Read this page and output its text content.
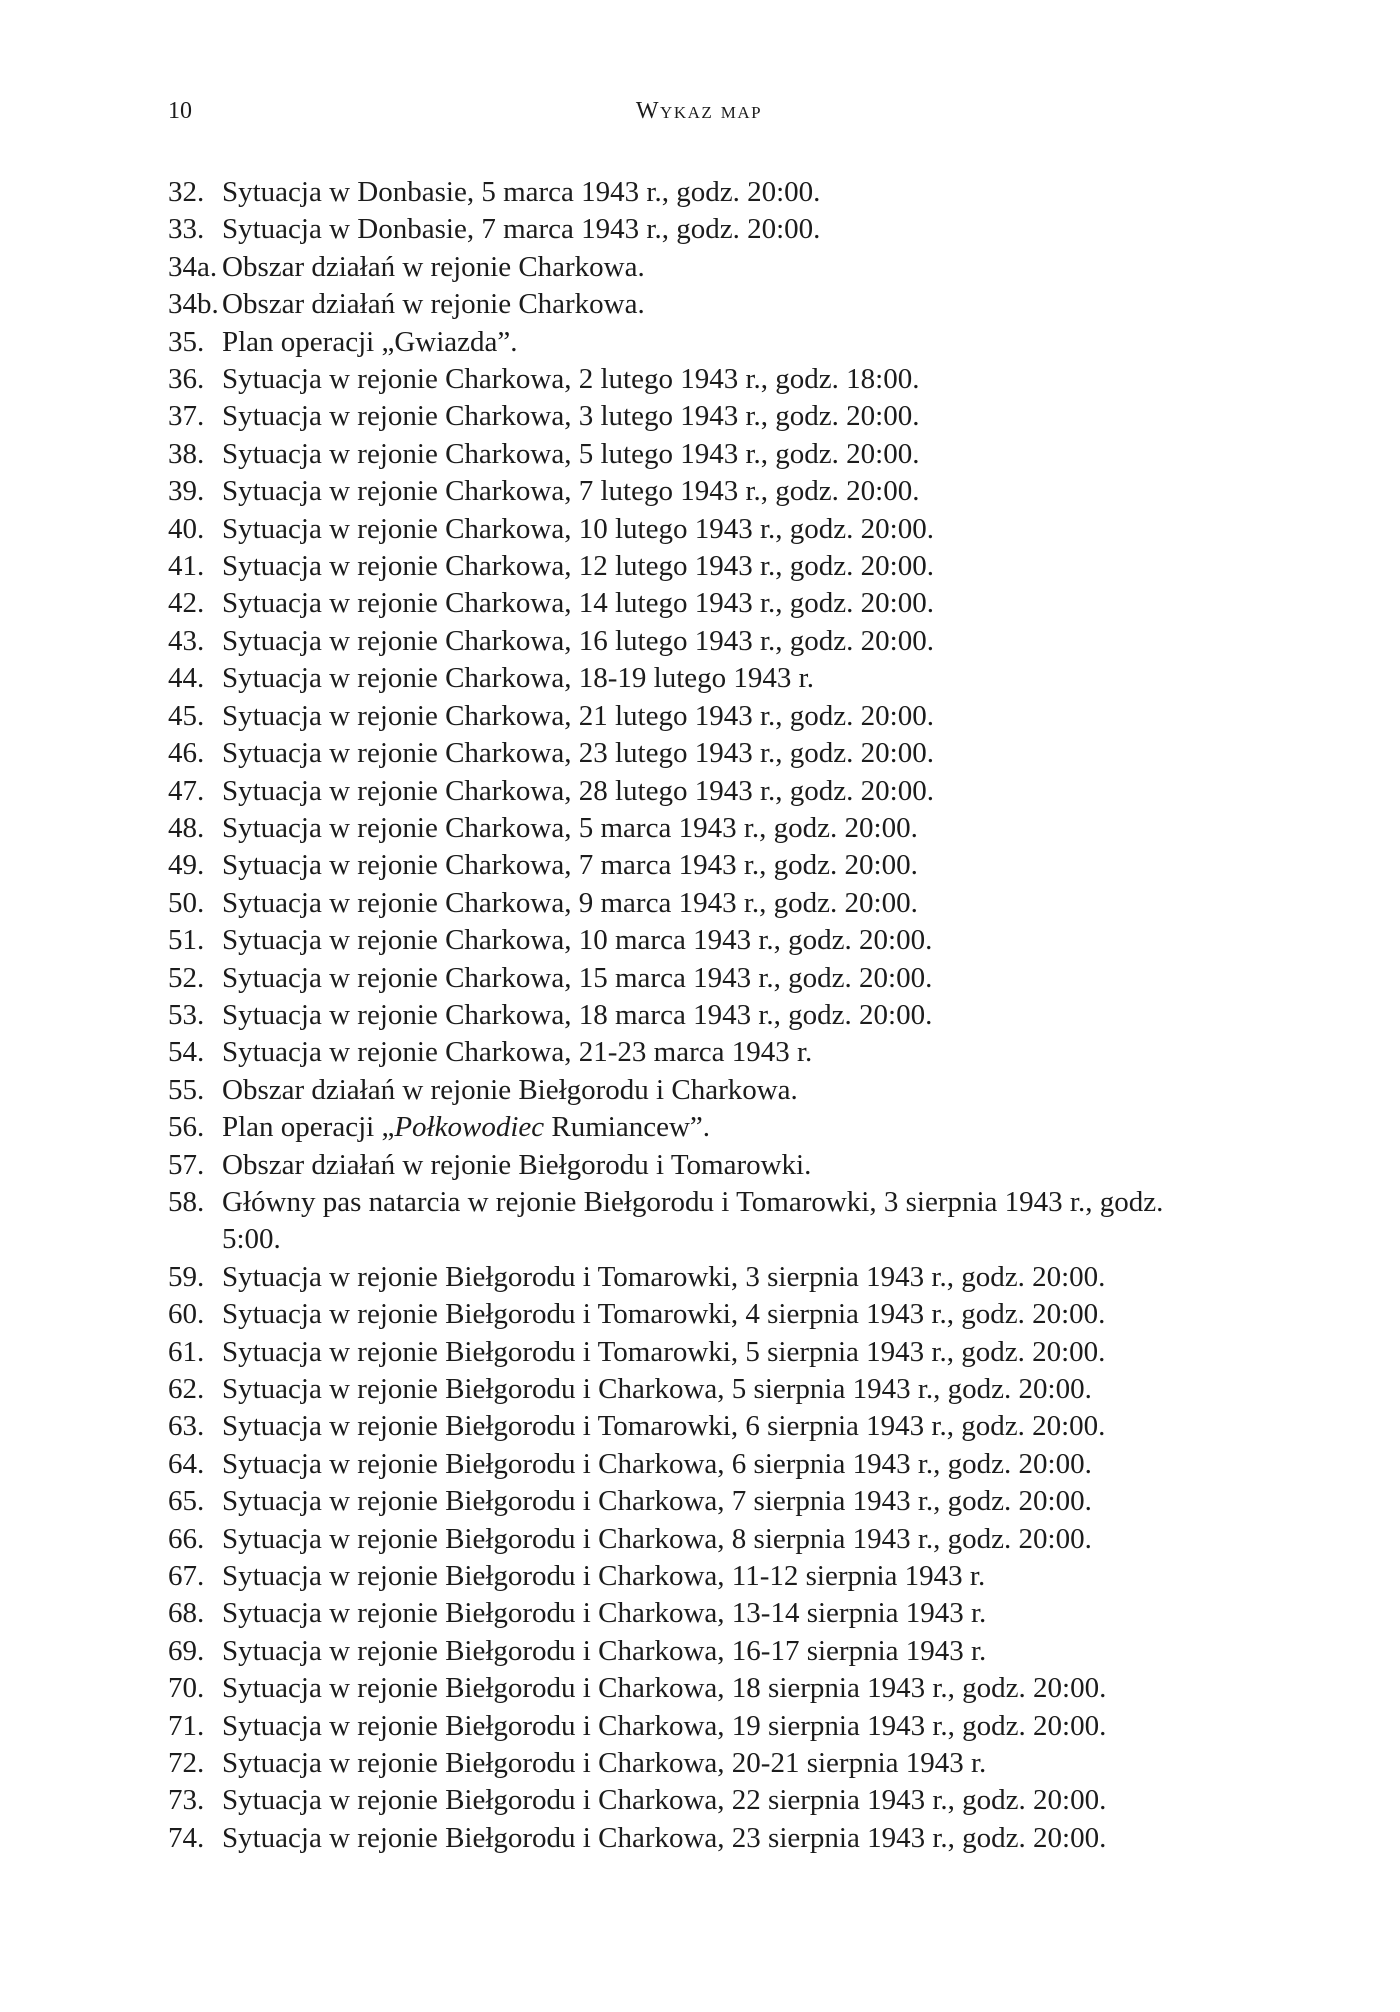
10	Wykaz map
32. Sytuacja w Donbasie, 5 marca 1943 r., godz. 20:00.
33. Sytuacja w Donbasie, 7 marca 1943 r., godz. 20:00.
34a. Obszar działań w rejonie Charkowa.
34b. Obszar działań w rejonie Charkowa.
35. Plan operacji „Gwiazda”.
36. Sytuacja w rejonie Charkowa, 2 lutego 1943 r., godz. 18:00.
37. Sytuacja w rejonie Charkowa, 3 lutego 1943 r., godz. 20:00.
38. Sytuacja w rejonie Charkowa, 5 lutego 1943 r., godz. 20:00.
39. Sytuacja w rejonie Charkowa, 7 lutego 1943 r., godz. 20:00.
40. Sytuacja w rejonie Charkowa, 10 lutego 1943 r., godz. 20:00.
41. Sytuacja w rejonie Charkowa, 12 lutego 1943 r., godz. 20:00.
42. Sytuacja w rejonie Charkowa, 14 lutego 1943 r., godz. 20:00.
43. Sytuacja w rejonie Charkowa, 16 lutego 1943 r., godz. 20:00.
44. Sytuacja w rejonie Charkowa, 18-19 lutego 1943 r.
45. Sytuacja w rejonie Charkowa, 21 lutego 1943 r., godz. 20:00.
46. Sytuacja w rejonie Charkowa, 23 lutego 1943 r., godz. 20:00.
47. Sytuacja w rejonie Charkowa, 28 lutego 1943 r., godz. 20:00.
48. Sytuacja w rejonie Charkowa, 5 marca 1943 r., godz. 20:00.
49. Sytuacja w rejonie Charkowa, 7 marca 1943 r., godz. 20:00.
50. Sytuacja w rejonie Charkowa, 9 marca 1943 r., godz. 20:00.
51. Sytuacja w rejonie Charkowa, 10 marca 1943 r., godz. 20:00.
52. Sytuacja w rejonie Charkowa, 15 marca 1943 r., godz. 20:00.
53. Sytuacja w rejonie Charkowa, 18 marca 1943 r., godz. 20:00.
54. Sytuacja w rejonie Charkowa, 21-23 marca 1943 r.
55. Obszar działań w rejonie Biełgorodu i Charkowa.
56. Plan operacji „Połkowodiec Rumiancew”.
57. Obszar działań w rejonie Biełgorodu i Tomarowki.
58. Główny pas natarcia w rejonie Biełgorodu i Tomarowki, 3 sierpnia 1943 r., godz. 5:00.
59. Sytuacja w rejonie Biełgorodu i Tomarowki, 3 sierpnia 1943 r., godz. 20:00.
60. Sytuacja w rejonie Biełgorodu i Tomarowki, 4 sierpnia 1943 r., godz. 20:00.
61. Sytuacja w rejonie Biełgorodu i Tomarowki, 5 sierpnia 1943 r., godz. 20:00.
62. Sytuacja w rejonie Biełgorodu i Charkowa, 5 sierpnia 1943 r., godz. 20:00.
63. Sytuacja w rejonie Biełgorodu i Tomarowki, 6 sierpnia 1943 r., godz. 20:00.
64. Sytuacja w rejonie Biełgorodu i Charkowa, 6 sierpnia 1943 r., godz. 20:00.
65. Sytuacja w rejonie Biełgorodu i Charkowa, 7 sierpnia 1943 r., godz. 20:00.
66. Sytuacja w rejonie Biełgorodu i Charkowa, 8 sierpnia 1943 r., godz. 20:00.
67. Sytuacja w rejonie Biełgorodu i Charkowa, 11-12 sierpnia 1943 r.
68. Sytuacja w rejonie Biełgorodu i Charkowa, 13-14 sierpnia 1943 r.
69. Sytuacja w rejonie Biełgorodu i Charkowa, 16-17 sierpnia 1943 r.
70. Sytuacja w rejonie Biełgorodu i Charkowa, 18 sierpnia 1943 r., godz. 20:00.
71. Sytuacja w rejonie Biełgorodu i Charkowa, 19 sierpnia 1943 r., godz. 20:00.
72. Sytuacja w rejonie Biełgorodu i Charkowa, 20-21 sierpnia 1943 r.
73. Sytuacja w rejonie Biełgorodu i Charkowa, 22 sierpnia 1943 r., godz. 20:00.
74. Sytuacja w rejonie Biełgorodu i Charkowa, 23 sierpnia 1943 r., godz. 20:00.
